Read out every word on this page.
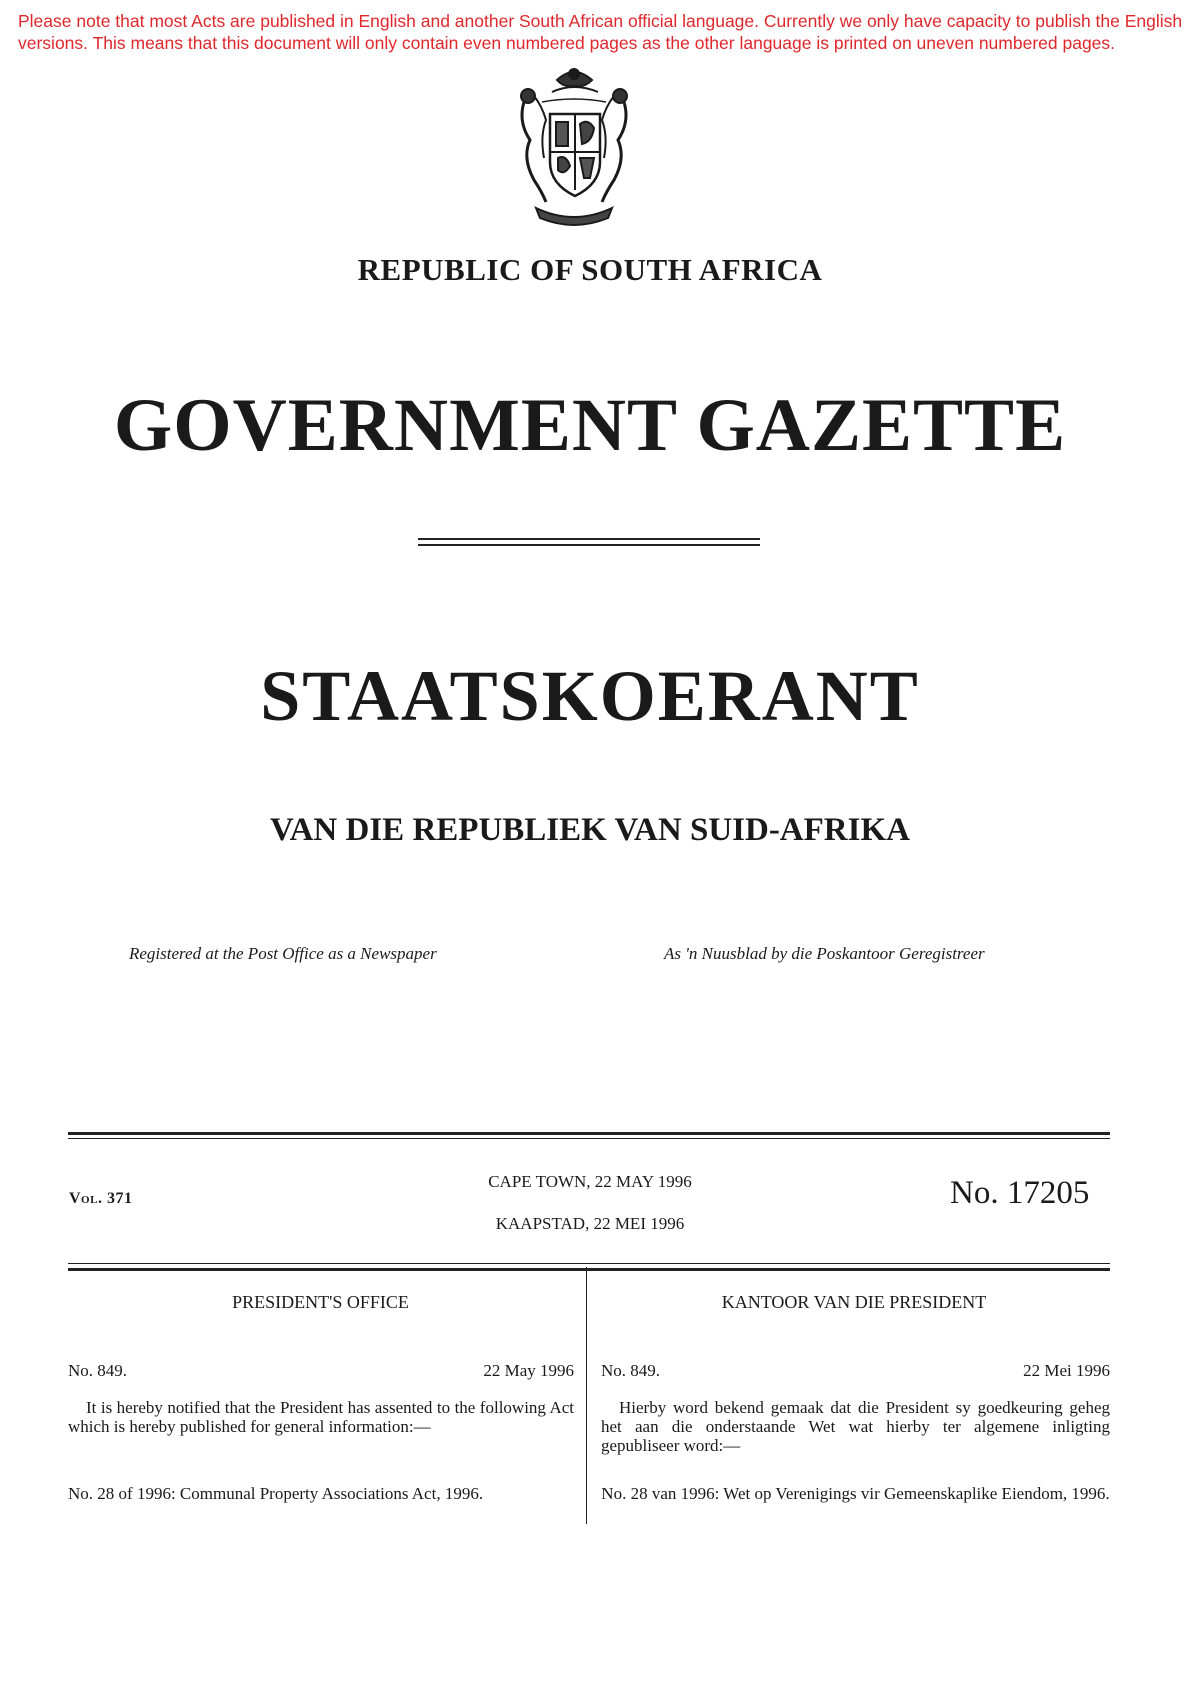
Please note that most Acts are published in English and another South African official language. Currently we only have capacity to publish the English versions. This means that this document will only contain even numbered pages as the other language is printed on uneven numbered pages.
REPUBLIC OF SOUTH AFRICA
GOVERNMENT GAZETTE
STAATSKOERANT
VAN DIE REPUBLIEK VAN SUID-AFRIKA
Registered at the Post Office as a Newspaper	As 'n Nuusblad by die Poskantoor Geregistreer
Vol. 371
CAPE TOWN, 22 MAY 1996
KAAPSTAD, 22 MEI 1996
No. 17205
PRESIDENT'S OFFICE
No. 849.	22 May 1996
It is hereby notified that the President has assented to the following Act which is hereby published for general information:—
No. 28 of 1996: Communal Property Associations Act, 1996.
KANTOOR VAN DIE PRESIDENT
No. 849.	22 Mei 1996
Hierby word bekend gemaak dat die President sy goedkeuring geheg het aan die onderstaande Wet wat hierby ter algemene inligting gepubliseer word:—
No. 28 van 1996: Wet op Verenigings vir Gemeenskaplike Eiendom, 1996.
